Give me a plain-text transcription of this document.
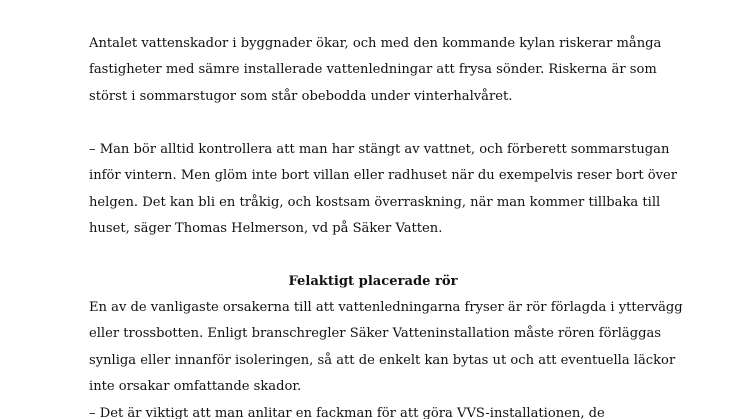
Antalet vattenskador i byggnader ökar, och med den kommande kylan riskerar många
fastigheter med sämre installerade vattenledningar att frysa sönder. Riskerna är som
störst i sommarstugor som står obebodda under vinterhalvåret.
– Man bör alltid kontrollera att man har stängt av vattnet, och förberett sommarstugan
inför vintern. Men glöm inte bort villan eller radhuset när du exempelvis reser bort över
helgen. Det kan bli en tråkig, och kostsam överraskning, när man kommer tillbaka till
huset, säger Thomas Helmerson, vd på Säker Vatten.
Felaktigt placerade rör
En av de vanligaste orsakerna till att vattenledningarna fryser är rör förlagda i yttervägg
eller trossbotten. Enligt branschregler Säker Vatteninstallation måste rören förläggas
synliga eller innanför isoleringen, så att de enkelt kan bytas ut och att eventuella läckor
inte orsakar omfattande skador.
– Det är viktigt att man anlitar en fackman för att göra VVS-installationen, de
